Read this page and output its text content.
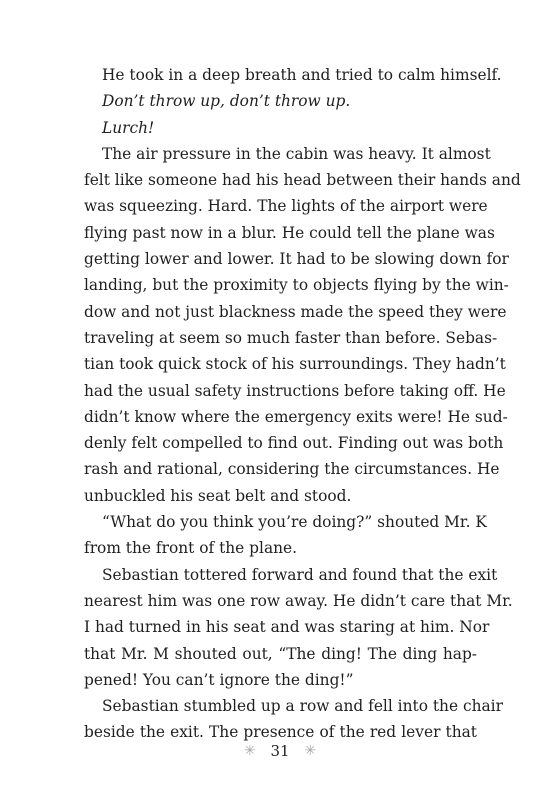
He took in a deep breath and tried to calm himself.
Don’t throw up, don’t throw up.
Lurch!
The air pressure in the cabin was heavy. It almost
felt like someone had his head between their hands and
was squeezing. Hard. The lights of the airport were
flying past now in a blur. He could tell the plane was
getting lower and lower. It had to be slowing down for
landing, but the proximity to objects flying by the win-
dow and not just blackness made the speed they were
traveling at seem so much faster than before. Sebas-
tian took quick stock of his surroundings. They hadn’t
had the usual safety instructions before taking off. He
didn’t know where the emergency exits were! He sud-
denly felt compelled to find out. Finding out was both
rash and rational, considering the circumstances. He
unbuckled his seat belt and stood.
“What do you think you’re doing?” shouted Mr. K
from the front of the plane.
Sebastian tottered forward and found that the exit
nearest him was one row away. He didn’t care that Mr.
I had turned in his seat and was staring at him. Nor
that Mr. M shouted out, “The ding! The ding hap-
pened! You can’t ignore the ding!”
Sebastian stumbled up a row and fell into the chair
beside the exit. The presence of the red lever that
✳ 31 ✳
